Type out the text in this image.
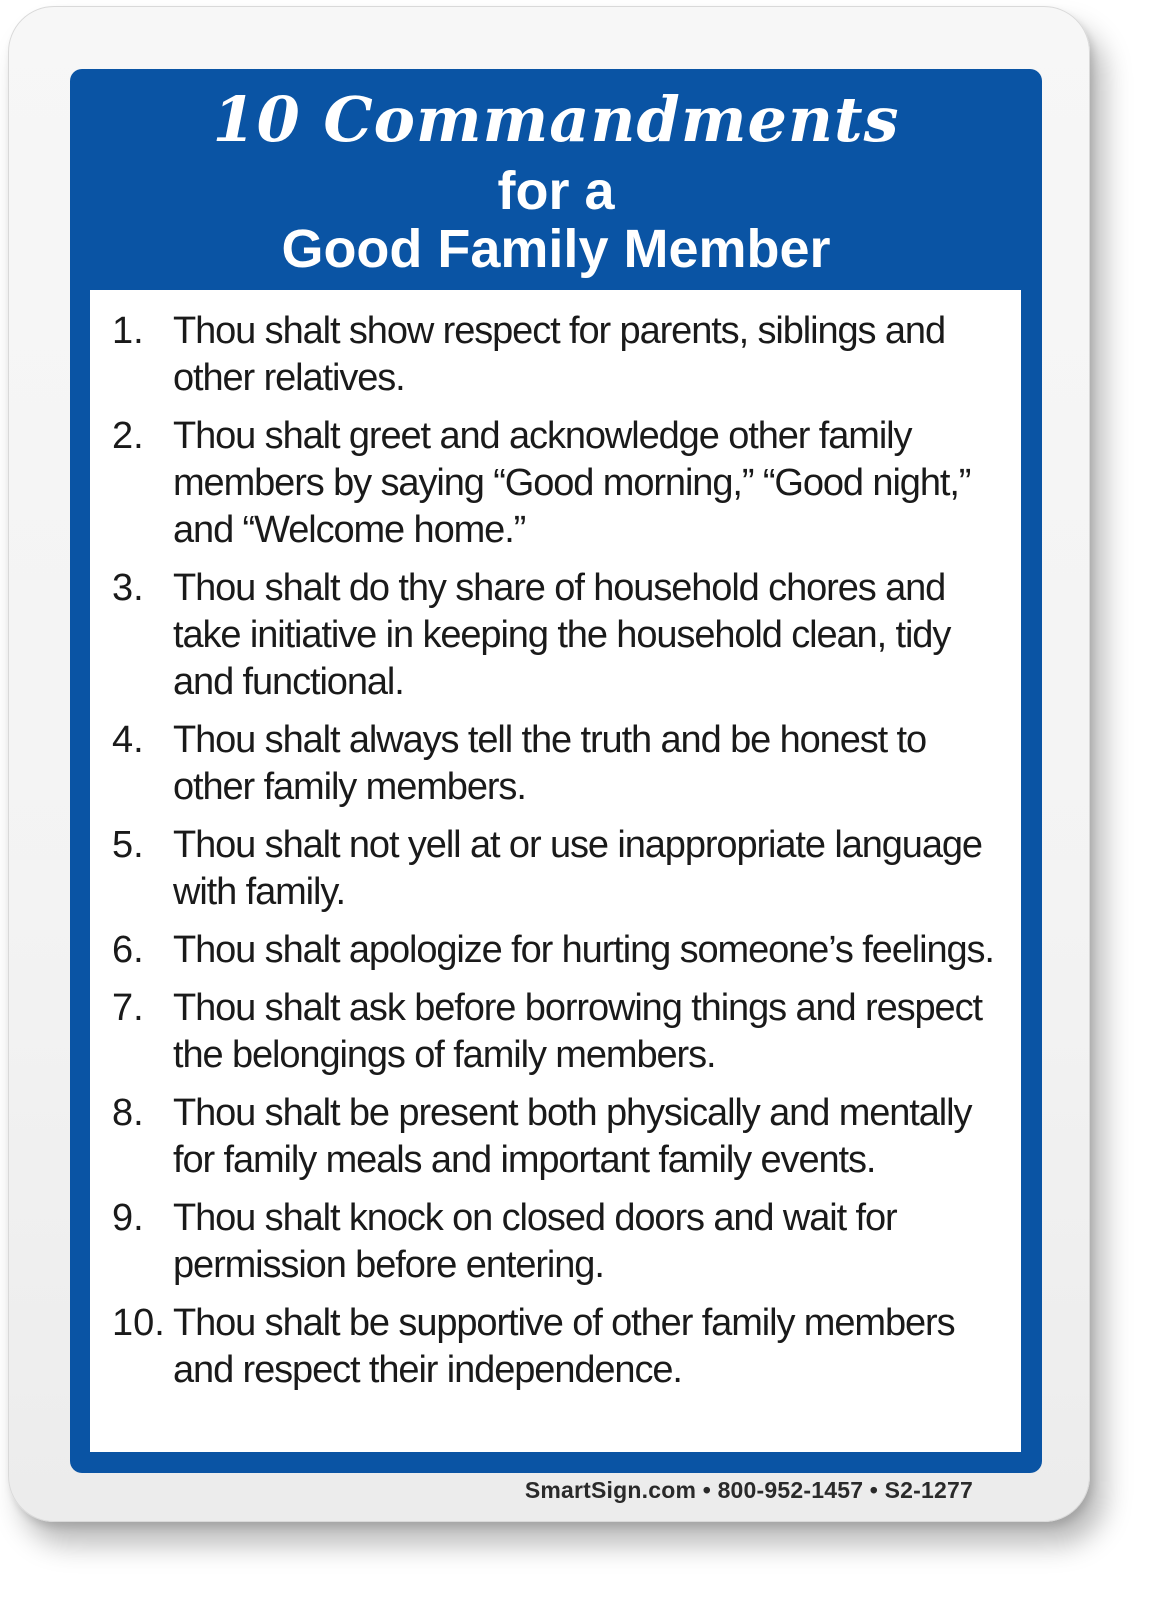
10 Commandments
for a
Good Family Member
1. Thou shalt show respect for parents, siblings and other relatives.
2. Thou shalt greet and acknowledge other family members by saying “Good morning,” “Good night,” and “Welcome home.”
3. Thou shalt do thy share of household chores and take initiative in keeping the household clean, tidy and functional.
4. Thou shalt always tell the truth and be honest to other family members.
5. Thou shalt not yell at or use inappropriate language with family.
6. Thou shalt apologize for hurting someone’s feelings.
7. Thou shalt ask before borrowing things and respect the belongings of family members.
8. Thou shalt be present both physically and mentally for family meals and important family events.
9. Thou shalt knock on closed doors and wait for permission before entering.
10. Thou shalt be supportive of other family members and respect their independence.
SmartSign.com • 800-952-1457 • S2-1277
